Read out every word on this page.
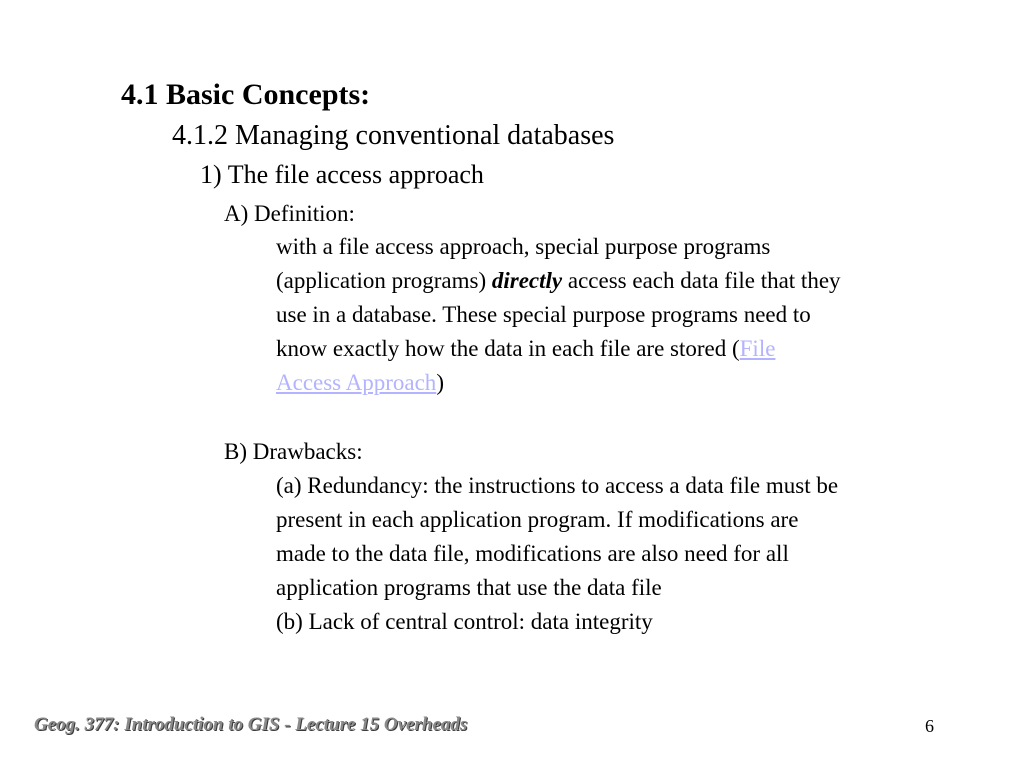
4.1 Basic Concepts:
4.1.2 Managing conventional databases
1) The file access approach
A) Definition:
with a file access approach, special purpose programs
(application programs) directly access each data file that they
use in a database. These special purpose programs need to
know exactly how the data in each file are stored (File
Access Approach)
B) Drawbacks:
(a) Redundancy: the instructions to access a data file must be
present in each application program. If modifications are
made to the data file, modifications are also need for all
application programs that use the data file
(b) Lack of central control: data integrity
Geog. 377: Introduction to GIS - Lecture 15 Overheads	6
